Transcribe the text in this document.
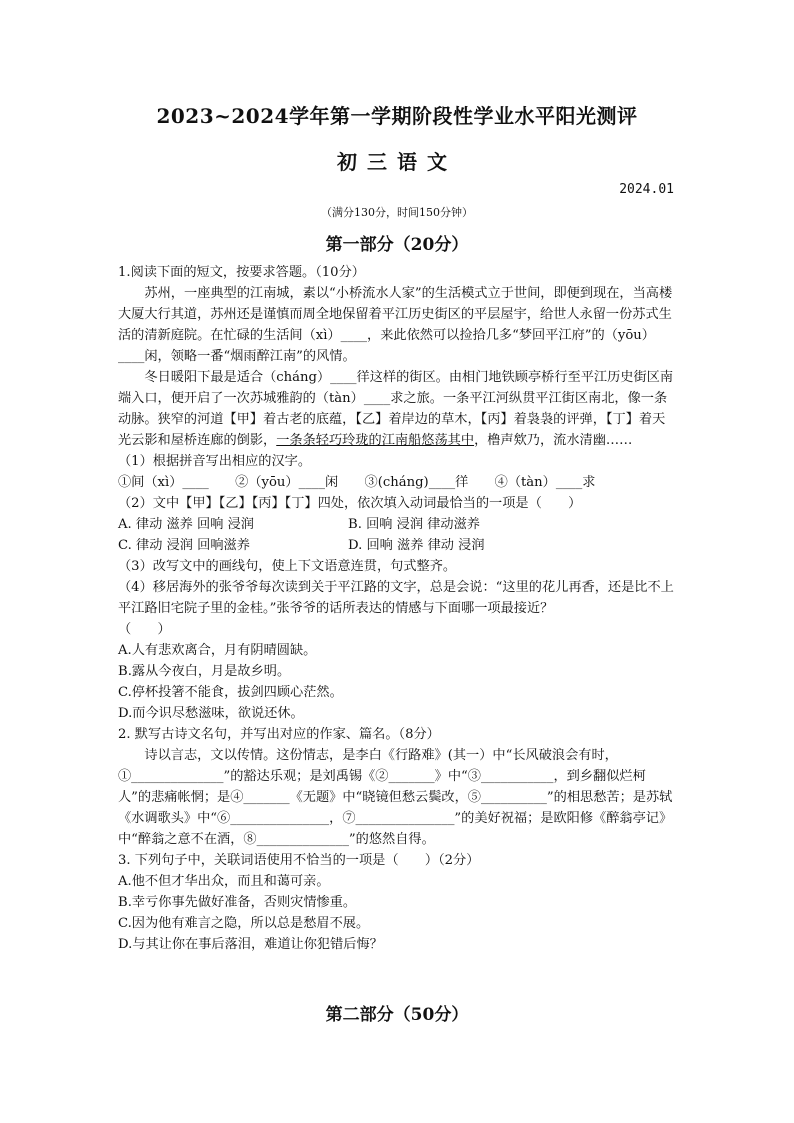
2023~2024学年第一学期阶段性学业水平阳光测评
初三语文
2024.01
（满分130分，时间150分钟）
第一部分（20分）

1.阅读下面的短文，按要求答题。（10分）

苏州，一座典型的江南城，素以“小桥流水人家”的生活模式立于世间，即便到现在，当高楼大厦大行其道，苏州还是谨慎而周全地保留着平江历史街区的平层屋宇，给世人永留一份苏式生活的清新庭院。在忙碌的生活间（xì）____，来此依然可以捡拾几多“梦回平江府”的（yōu）____闲，领略一番“烟雨醉江南”的风情。

冬日暖阳下最是适合（cháng）____徉这样的街区。由相门地铁顾亭桥行至平江历史街区南端入口，便开启了一次苏城雅韵的（tàn）____求之旅。一条平江河纵贯平江街区南北，像一条动脉。狭窄的河道【甲】着古老的底蕴，【乙】着岸边的草木，【丙】着袅袅的评弹，【丁】着天光云影和屋桥连廊的倒影，一条条轻巧玲珑的江南船悠荡其中，橹声欸乃，流水清幽……

（1）根据拼音写出相应的汉字。

①间（xì）____　　②（yōu）____闲　　③(cháng)____徉　　④（tàn）____求

（2）文中【甲】【乙】【丙】【丁】四处，依次填入动词最恰当的一项是（　　）

A. 律动 滋养 回响 浸润	B. 回响 浸润 律动滋养
C. 律动 浸润 回响滋养	D. 回响 滋养 律动 浸润

（3）改写文中的画线句，使上下文语意连贯，句式整齐。

（4）移居海外的张爷爷每次读到关于平江路的文字，总是会说：“这里的花儿再香，还是比不上平江路旧宅院子里的金桂。”张爷爷的话所表达的情感与下面哪一项最接近？

（　　）

A.人有悲欢离合，月有阴晴圆缺。

B.露从今夜白，月是故乡明。

C.停杯投箸不能食，拔剑四顾心茫然。

D.而今识尽愁滋味，欲说还休。

2. 默写古诗文名句，并写出对应的作家、篇名。（8分）

诗以言志，文以传情。这份情志，是李白《行路难》(其一）中“长风破浪会有时，①______________”的豁达乐观；是刘禹锡《②_______》中“③___________，到乡翻似烂柯人”的悲痛帐惘；是④_______《无题》中“晓镜但愁云鬓改，⑤__________”的相思愁苦；是苏轼《水调歌头》中“⑥_______________，⑦_______________”的美好祝福；是欧阳修《醉翁亭记》中“醉翁之意不在酒，⑧______________”的悠然自得。

3. 下列句子中，关联词语使用不恰当的一项是（　　）（2分）

A.他不但才华出众，而且和蔼可亲。

B.幸亏你事先做好准备，否则灾情惨重。

C.因为他有难言之隐，所以总是愁眉不展。

D.与其让你在事后落泪，难道让你犯错后悔？

第二部分（50分）
